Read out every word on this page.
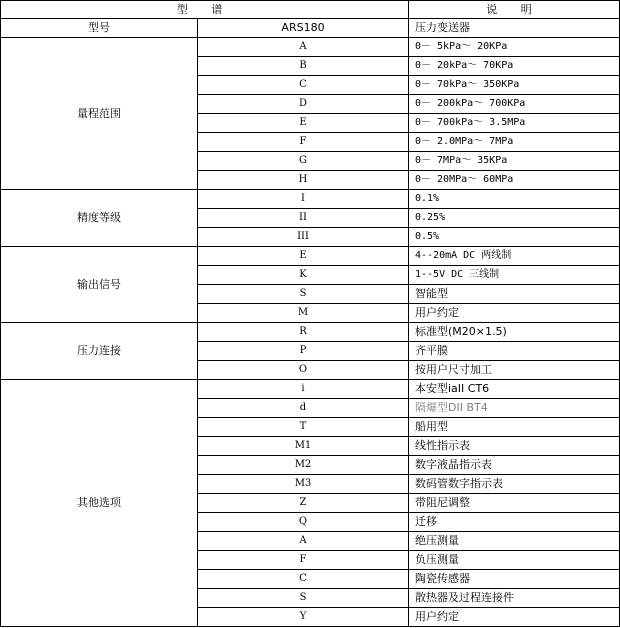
型 谱		说 明
型号	ARS180	压力变送器
量程范围	A	0－ 5kPa～ 20KPa
	B	0－ 20kPa～ 70KPa
	C	0－ 70kPa～ 350KPa
	D	0－ 200kPa～ 700KPa
	E	0－ 700kPa～ 3.5MPa
	F	0－ 2.0MPa～ 7MPa
	G	0－ 7MPa～ 35KPa
	H	0－ 20MPa～ 60MPa
精度等级	I	0.1%
	II	0.25%
	III	0.5%
输出信号	E	4--20mA DC 两线制
	K	1--5V DC 三线制
	S	智能型
	M	用户约定
压力连接	R	标准型(M20×1.5)
	P	齐平膜
	O	按用户尺寸加工
其他选项	i	本安型iaII CT6
	d	隔爆型DII BT4
	T	船用型
	M1	线性指示表
	M2	数字液晶指示表
	M3	数码管数字指示表
	Z	带阻尼调整
	Q	迁移
	A	绝压测量
	F	负压测量
	C	陶瓷传感器
	S	散热器及过程连接件
	Y	用户约定
